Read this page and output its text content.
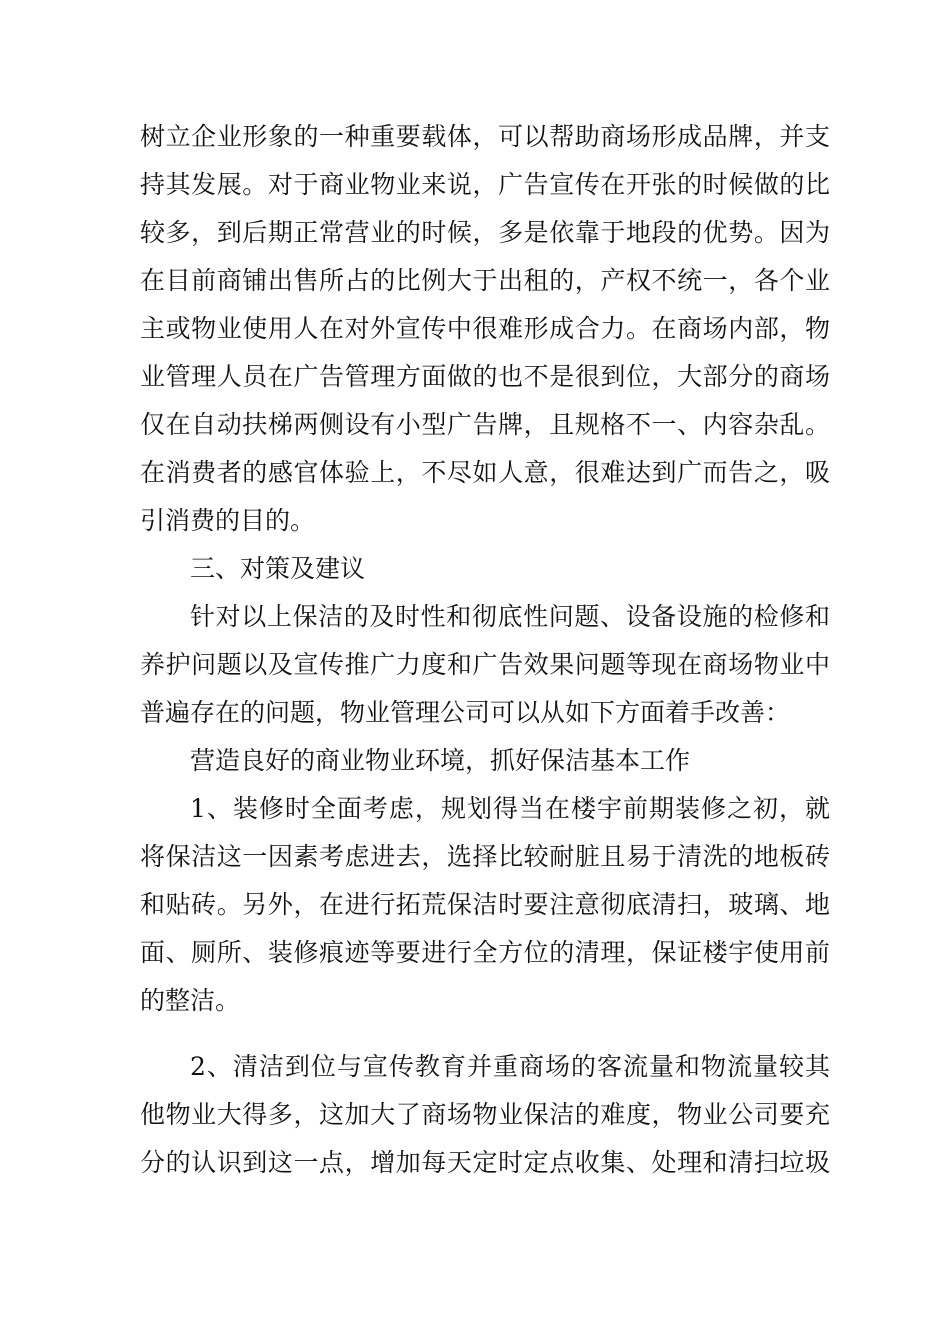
树立企业形象的一种重要载体，可以帮助商场形成品牌，并支
持其发展。对于商业物业来说，广告宣传在开张的时候做的比
较多，到后期正常营业的时候，多是依靠于地段的优势。因为
在目前商铺出售所占的比例大于出租的，产权不统一，各个业
主或物业使用人在对外宣传中很难形成合力。在商场内部，物
业管理人员在广告管理方面做的也不是很到位，大部分的商场
仅在自动扶梯两侧设有小型广告牌，且规格不一、内容杂乱。
在消费者的感官体验上，不尽如人意，很难达到广而告之，吸
引消费的目的。
三、对策及建议
针对以上保洁的及时性和彻底性问题、设备设施的检修和
养护问题以及宣传推广力度和广告效果问题等现在商场物业中
普遍存在的问题，物业管理公司可以从如下方面着手改善：
营造良好的商业物业环境，抓好保洁基本工作
1、装修时全面考虑，规划得当在楼宇前期装修之初，就
将保洁这一因素考虑进去，选择比较耐脏且易于清洗的地板砖
和贴砖。另外，在进行拓荒保洁时要注意彻底清扫，玻璃、地
面、厕所、装修痕迹等要进行全方位的清理，保证楼宇使用前
的整洁。
2、清洁到位与宣传教育并重商场的客流量和物流量较其
他物业大得多，这加大了商场物业保洁的难度，物业公司要充
分的认识到这一点，增加每天定时定点收集、处理和清扫垃圾
